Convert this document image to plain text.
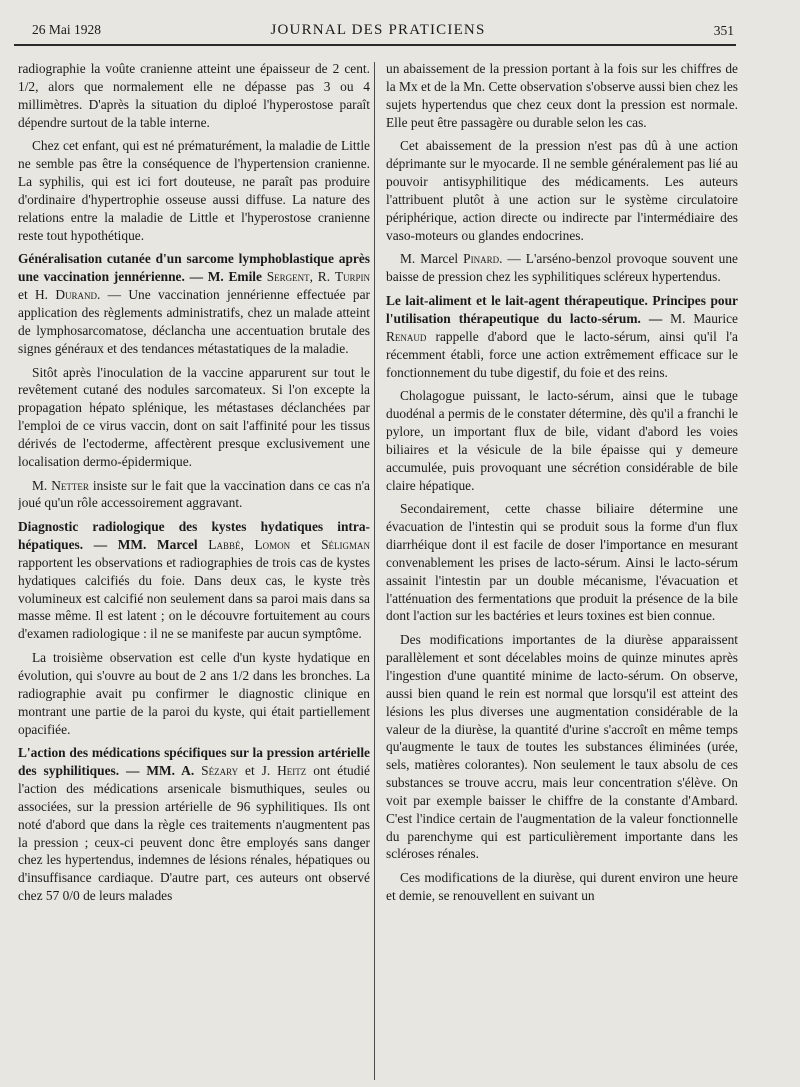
26 Mai 1928	JOURNAL DES PRATICIENS	351

radiographie la voûte cranienne atteint une épaisseur de 2 cent. 1/2, alors que normalement elle ne dépasse pas 3 ou 4 millimètres. D'après la situation du diploé l'hyperostose paraît dépendre surtout de la table interne.

Chez cet enfant, qui est né prématurément, la maladie de Little ne semble pas être la conséquence de l'hypertension cranienne. La syphilis, qui est ici fort douteuse, ne paraît pas produire d'ordinaire d'hypertrophie osseuse aussi diffuse. La nature des relations entre la maladie de Little et l'hyperostose cranienne reste tout hypothétique.

Généralisation cutanée d'un sarcome lymphoblastique après une vaccination jennérienne. — M. Emile Sergent, R. Turpin et H. Durand. — Une vaccination jennérienne effectuée par application des règlements administratifs, chez un malade atteint de lymphosarcomatose, déclancha une accentuation brutale des signes généraux et des tendances métastatiques de la maladie.

Sitôt après l'inoculation de la vaccine apparurent sur tout le revêtement cutané des nodules sarcomateux. Si l'on excepte la propagation hépato splénique, les métastases déclanchées par l'emploi de ce virus vaccin, dont on sait l'affinité pour les tissus dérivés de l'ectoderme, affectèrent presque exclusivement une localisation dermo-épidermique.

M. Netter insiste sur le fait que la vaccination dans ce cas n'a joué qu'un rôle accessoirement aggravant.

Diagnostic radiologique des kystes hydatiques intra-hépatiques. — MM. Marcel Labbé, Lomon et Séligman rapportent les observations et radiographies de trois cas de kystes hydatiques calcifiés du foie. Dans deux cas, le kyste très volumineux est calcifié non seulement dans sa paroi mais dans sa masse même. Il est latent ; on le découvre fortuitement au cours d'examen radiologique : il ne se manifeste par aucun symptôme.

La troisième observation est celle d'un kyste hydatique en évolution, qui s'ouvre au bout de 2 ans 1/2 dans les bronches. La radiographie avait pu confirmer le diagnostic clinique en montrant une partie de la paroi du kyste, qui était partiellement opacifiée.

L'action des médications spécifiques sur la pression artérielle des syphilitiques. — MM. A. Sézary et J. Heitz ont étudié l'action des médications arsenicale bismuthiques, seules ou associées, sur la pression artérielle de 96 syphilitiques. Ils ont noté d'abord que dans la règle ces traitements n'augmentent pas la pression ; ceux-ci peuvent donc être employés sans danger chez les hypertendus, indemnes de lésions rénales, hépatiques ou d'insuffisance cardiaque. D'autre part, ces auteurs ont observé chez 57 0/0 de leurs malades

un abaissement de la pression portant à la fois sur les chiffres de la Mx et de la Mn. Cette observation s'observe aussi bien chez les sujets hypertendus que chez ceux dont la pression est normale. Elle peut être passagère ou durable selon les cas.

Cet abaissement de la pression n'est pas dû à une action déprimante sur le myocarde. Il ne semble généralement pas lié au pouvoir antisyphilitique des médicaments. Les auteurs l'attribuent plutôt à une action sur le système circulatoire périphérique, action directe ou indirecte par l'intermédiaire des vaso-moteurs ou glandes endocrines.

M. Marcel Pinard. — L'arséno-benzol provoque souvent une baisse de pression chez les syphilitiques scléreux hypertendus.

Le lait-aliment et le lait-agent thérapeutique. Principes pour l'utilisation thérapeutique du lacto-sérum. — M. Maurice Renaud rappelle d'abord que le lacto-sérum, ainsi qu'il l'a récemment établi, force une action extrêmement efficace sur le fonctionnement du tube digestif, du foie et des reins.

Cholagogue puissant, le lacto-sérum, ainsi que le tubage duodénal a permis de le constater détermine, dès qu'il a franchi le pylore, un important flux de bile, vidant d'abord les voies biliaires et la vésicule de la bile épaisse qui y demeure accumulée, puis provoquant une sécrétion considérable de bile claire hépatique.

Secondairement, cette chasse biliaire détermine une évacuation de l'intestin qui se produit sous la forme d'un flux diarrhéique dont il est facile de doser l'importance en mesurant convenablement les prises de lacto-sérum. Ainsi le lacto-sérum assainit l'intestin par un double mécanisme, l'évacuation et l'atténuation des fermentations que produit la présence de la bile dont l'action sur les bactéries et leurs toxines est bien connue.

Des modifications importantes de la diurèse apparaissent parallèlement et sont décelables moins de quinze minutes après l'ingestion d'une quantité minime de lacto-sérum. On observe, aussi bien quand le rein est normal que lorsqu'il est atteint des lésions les plus diverses une augmentation considérable de la valeur de la diurèse, la quantité d'urine s'accroît en même temps qu'augmente le taux de toutes les substances éliminées (urée, sels, matières colorantes). Non seulement le taux absolu de ces substances se trouve accru, mais leur concentration s'élève. On voit par exemple baisser le chiffre de la constante d'Ambard. C'est l'indice certain de l'augmentation de la valeur fonctionnelle du parenchyme qui est particulièrement importante dans les scléroses rénales.

Ces modifications de la diurèse, qui durent environ une heure et demie, se renouvellent en suivant un
